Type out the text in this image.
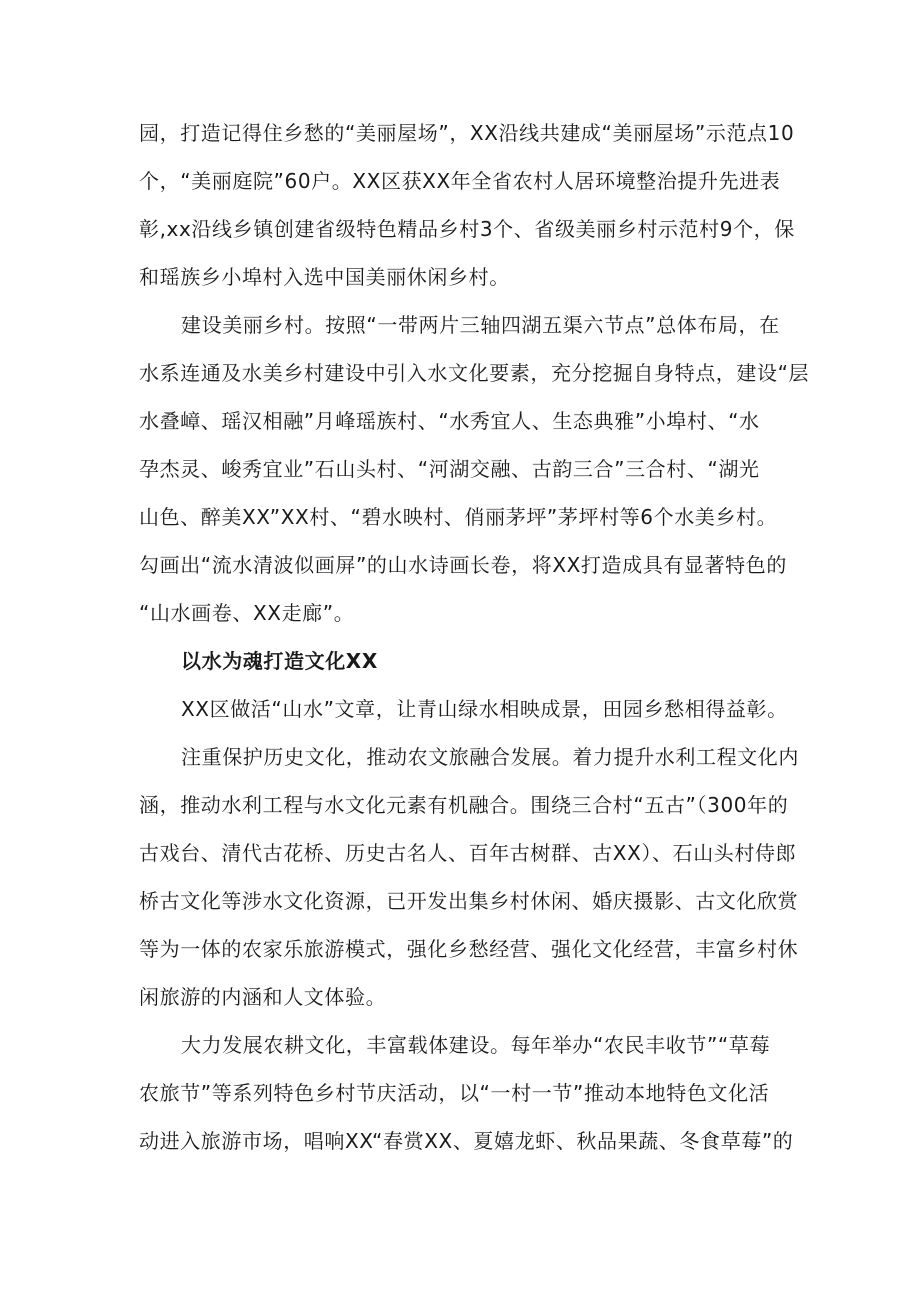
园，打造记得住乡愁的“美丽屋场”，XX沿线共建成“美丽屋场”示范点10
个，“美丽庭院”60户。XX区获XX年全省农村人居环境整治提升先进表
彰,xx沿线乡镇创建省级特色精品乡村3个、省级美丽乡村示范村9个，保
和瑶族乡小埠村入选中国美丽休闲乡村。
建设美丽乡村。按照“一带两片三轴四湖五渠六节点”总体布局，在
水系连通及水美乡村建设中引入水文化要素，充分挖掘自身特点，建设“层
水叠嶂、瑶汉相融”月峰瑶族村、“水秀宜人、生态典雅”小埠村、“水
孕杰灵、峻秀宜业”石山头村、“河湖交融、古韵三合”三合村、“湖光
山色、醉美XX”XX村、“碧水映村、俏丽茅坪”茅坪村等6个水美乡村。
勾画出“流水清波似画屏”的山水诗画长卷，将XX打造成具有显著特色的
“山水画卷、XX走廊”。
以水为魂打造文化XX
XX区做活“山水”文章，让青山绿水相映成景，田园乡愁相得益彰。
注重保护历史文化，推动农文旅融合发展。着力提升水利工程文化内
涵，推动水利工程与水文化元素有机融合。围绕三合村“五古”（300年的
古戏台、清代古花桥、历史古名人、百年古树群、古XX）、石山头村侍郎
桥古文化等涉水文化资源，已开发出集乡村休闲、婚庆摄影、古文化欣赏
等为一体的农家乐旅游模式，强化乡愁经营、强化文化经营，丰富乡村休
闲旅游的内涵和人文体验。
大力发展农耕文化，丰富载体建设。每年举办“农民丰收节”“草莓
农旅节”等系列特色乡村节庆活动，以“一村一节”推动本地特色文化活
动进入旅游市场，唱响XX“春赏XX、夏嬉龙虾、秋品果蔬、冬食草莓”的
